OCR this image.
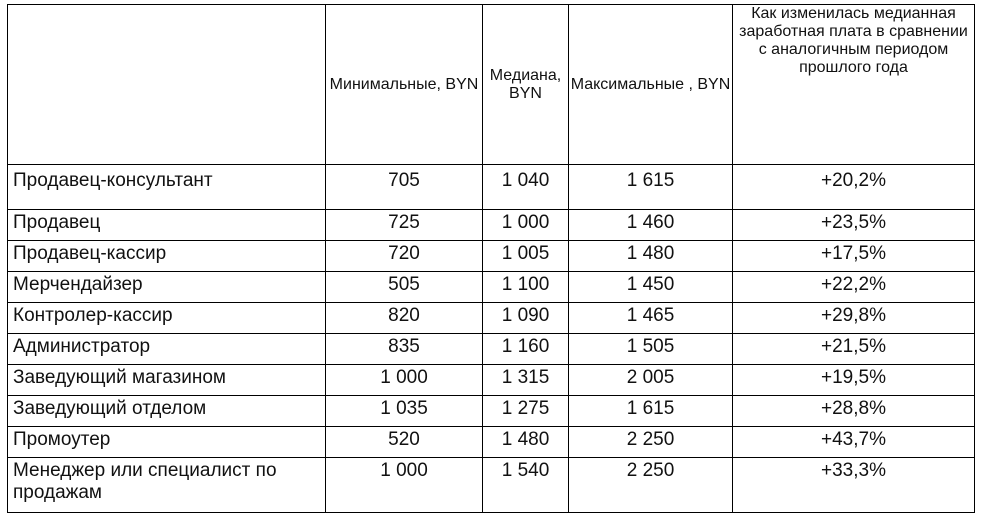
	Минимальные, BYN	Медиана, BYN	Максимальные , BYN	Как изменилась медианная заработная плата в сравнении с аналогичным периодом прошлого года
Продавец-консультант	705	1 040	1 615	+20,2%
Продавец	725	1 000	1 460	+23,5%
Продавец-кассир	720	1 005	1 480	+17,5%
Мерчендайзер	505	1 100	1 450	+22,2%
Контролер-кассир	820	1 090	1 465	+29,8%
Администратор	835	1 160	1 505	+21,5%
Заведующий магазином	1 000	1 315	2 005	+19,5%
Заведующий отделом	1 035	1 275	1 615	+28,8%
Промоутер	520	1 480	2 250	+43,7%
Менеджер или специалист по продажам	1 000	1 540	2 250	+33,3%
